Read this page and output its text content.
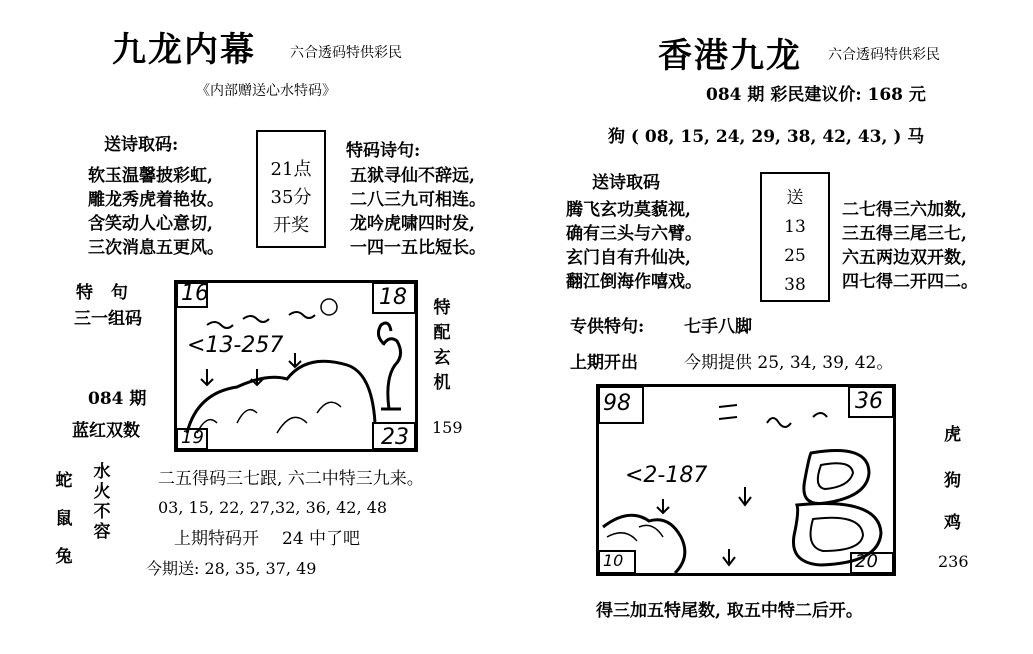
九龙内幕 六合透码特供彩民
《内部赠送心水特码》
送诗取码:
软玉温馨披彩虹,
雕龙秀虎着艳妆。
含笑动人心意切,
三次消息五更风。
21点
35分
开奖
特码诗句:
五狱寻仙不辞远,
二八三九可相连。
龙吟虎啸四时发,
一四一五比短长。
特 句
三一组码
084 期
蓝红双数
16	18
19	23
<13-257
特配玄机
159
蛇鼠兔
水火不容
二五得码三七跟, 六二中特三九来。
03, 15, 22, 27,32, 36, 42, 48
上期特码开 24 中了吧
今期送: 28, 35, 37, 49
香港九龙 六合透码特供彩民
084 期 彩民建议价: 168 元
狗 ( 08, 15, 24, 29, 38, 42, 43, ) 马
送诗取码
腾飞玄功莫藐视,
确有三头与六臂。
玄门自有升仙决,
翻江倒海作嘻戏。
送
13
25
38
二七得三六加数,
三五得三尾三七,
六五两边双开数,
四七得二开四二。
专供特句: 七手八脚
上期开出	今期提供 25, 34, 39, 42。
98	36
10	20
<2-187
虎
狗
鸡
236
得三加五特尾数, 取五中特二后开。
